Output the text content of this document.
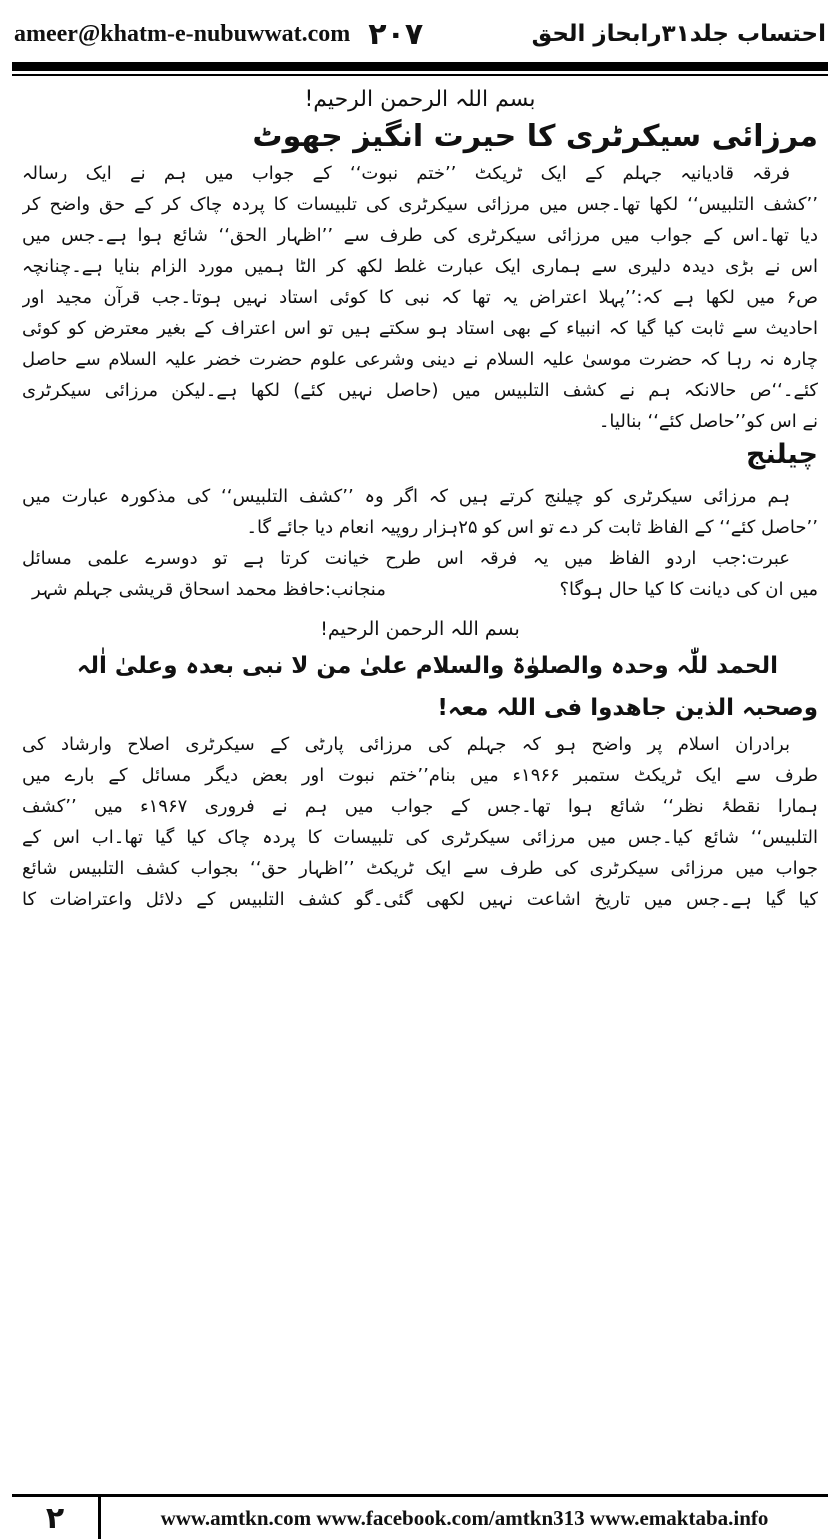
ameer@khatm-e-nubuwwat.com ۲۰۷	احتساب جلد۳۱رابحاز الحق
بسم اللہ الرحمن الرحیم!
مرزائی سیکرٹری کا حیرت انگیز جھوٹ
فرقہ قادیانیہ جہلم کے ایک ٹریکٹ ’’ختم نبوت‘‘ کے جواب میں ہم نے ایک رسالہ
’’کشف التلبیس‘‘ لکھا تھا۔جس میں مرزائی سیکرٹری کی تلبیسات کا پردہ چاک کر کے حق واضح کر
دیا تھا۔اس کے جواب میں مرزائی سیکرٹری کی طرف سے ’’اظہار الحق‘‘ شائع ہوا ہے۔جس میں
اس نے بڑی دیدہ دلیری سے ہماری ایک عبارت غلط لکھ کر الٹا ہمیں مورد الزام بنایا ہے۔چنانچہ
ص۶ میں لکھا ہے کہ:’’پہلا اعتراض یہ تھا کہ نبی کا کوئی استاد نہیں ہوتا۔جب قرآن مجید اور
احادیث سے ثابت کیا گیا کہ انبیاء کے بھی استاد ہو سکتے ہیں تو اس اعتراف کے بغیر معترض کو کوئی
چارہ نہ رہا کہ حضرت موسیٰ علیہ السلام نے دینی وشرعی علوم حضرت خضر علیہ السلام سے حاصل
کئے۔‘‘ص حالانکہ ہم نے کشف التلبیس میں (حاصل نہیں کئے) لکھا ہے۔لیکن مرزائی سیکرٹری
نے اس کو’’حاصل کئے‘‘ بنالیا۔
چیلنج
ہم مرزائی سیکرٹری کو چیلنج کرتے ہیں کہ اگر وہ ’’کشف التلبیس‘‘ کی مذکورہ عبارت میں
’’حاصل کئے‘‘ کے الفاظ ثابت کر دے تو اس کو ۲۵ہزار روپیہ انعام دیا جائے گا۔
عبرت:جب اردو الفاظ میں یہ فرقہ اس طرح خیانت کرتا ہے تو دوسرے علمی مسائل
میں ان کی دیانت کا کیا حال ہوگا؟
منجانب:حافظ محمد اسحاق قریشی جہلم شہر
بسم اللہ الرحمن الرحیم!
الحمد للّٰہ وحدہ والصلوٰۃ والسلام علیٰ من لا نبی بعدہ وعلیٰ اٰلہ
وصحبہ الذین جاھدوا فی اللہ معہ!
برادران اسلام پر واضح ہو کہ جہلم کی مرزائی پارٹی کے سیکرٹری اصلاح وارشاد کی
طرف سے ایک ٹریکٹ ستمبر ۱۹۶۶ء میں بنام’’ختم نبوت اور بعض دیگر مسائل کے بارے میں
ہمارا نقطۂ نظر‘‘ شائع ہوا تھا۔جس کے جواب میں ہم نے فروری ۱۹۶۷ء میں ’’کشف
التلبیس‘‘ شائع کیا۔جس میں مرزائی سیکرٹری کی تلبیسات کا پردہ چاک کیا گیا تھا۔اب اس کے
جواب میں مرزائی سیکرٹری کی طرف سے ایک ٹریکٹ ’’اظہار حق‘‘ بجواب کشف التلبیس شائع
کیا گیا ہے۔جس میں تاریخ اشاعت نہیں لکھی گئی۔گو کشف التلبیس کے دلائل واعتراضات کا
۲	www.amtkn.com www.facebook.com/amtkn313 www.emaktaba.info
